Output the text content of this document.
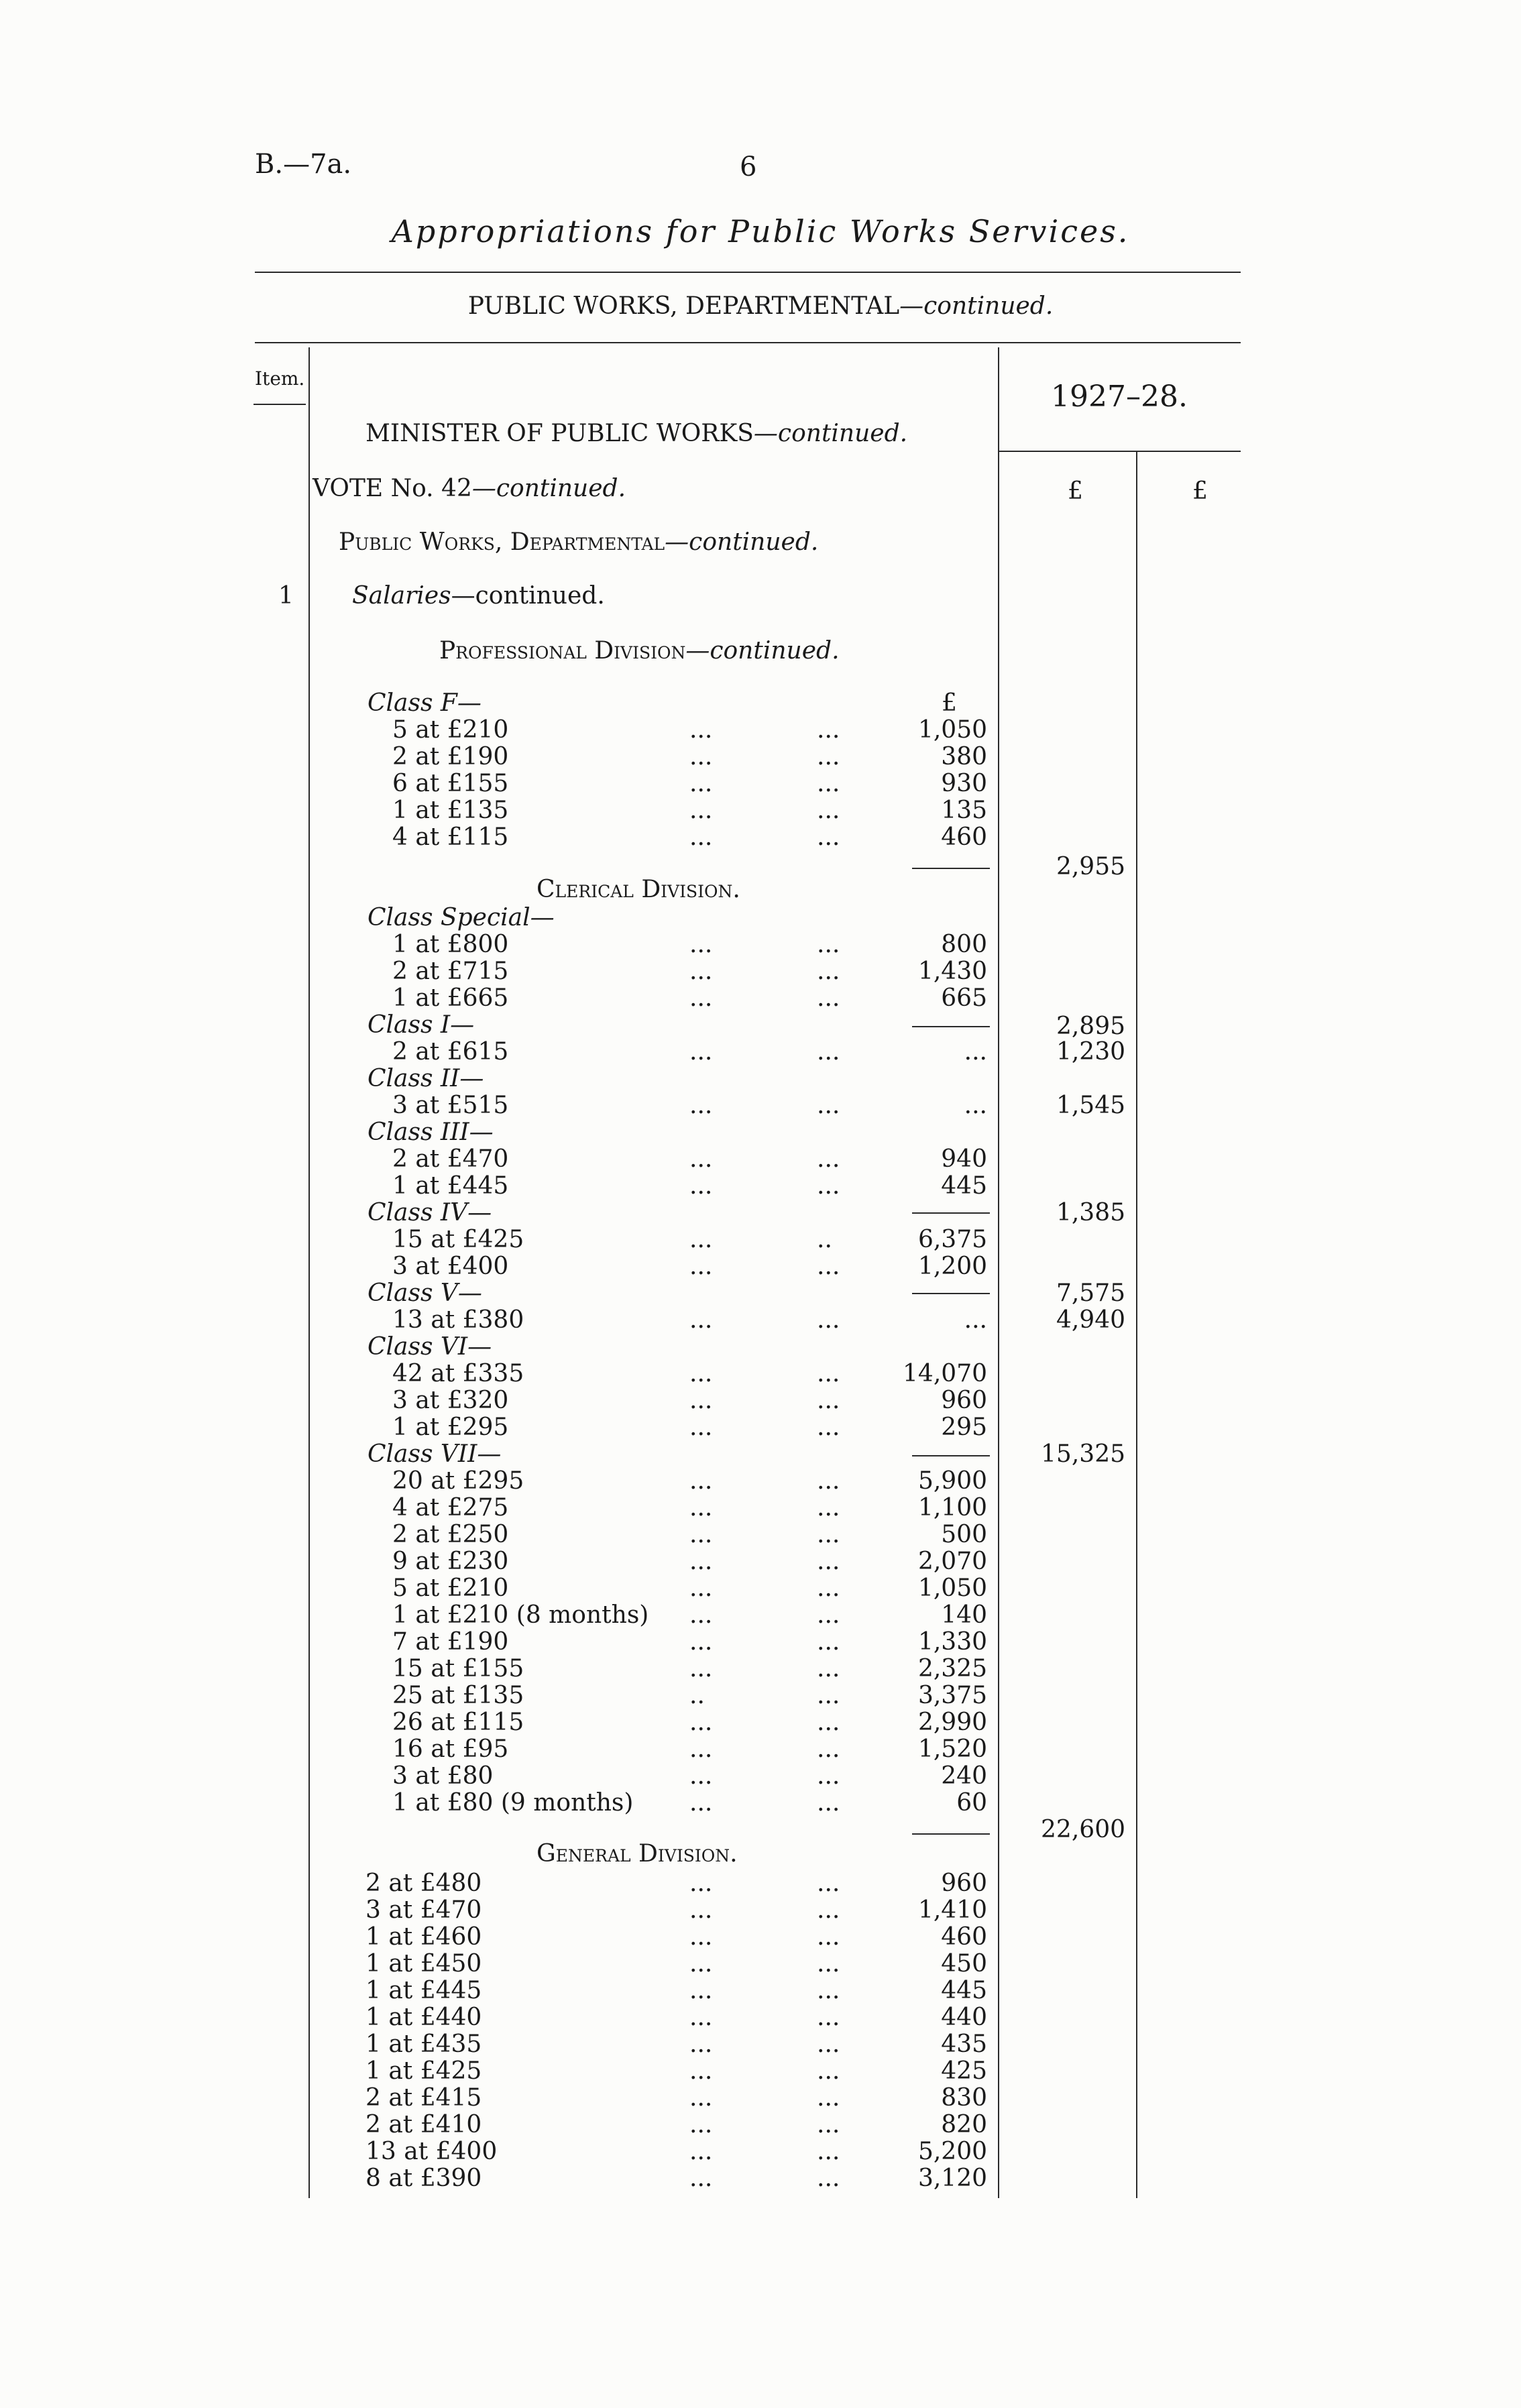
B.—7a.	6
Appropriations for Public Works Services.
PUBLIC WORKS, DEPARTMENTAL—continued.
Item.
1927–28.
£	£
MINISTER OF PUBLIC WORKS—continued.
VOTE No. 42—continued.
Public Works, Departmental—continued.
1 Salaries—continued.
Professional Division—continued.
Class F—	£
5 at £210	...	...	1,050
2 at £190	...	...	380
6 at £155	...	...	930
1 at £135	...	...	135
4 at £115	...	...	460
2,955
Clerical Division.
Class Special—
1 at £800	...	...	800
2 at £715	...	...	1,430
1 at £665	...	...	665
2,895
Class I—
2 at £615	...	...	...	1,230
Class II—
3 at £515	...	...	...	1,545
Class III—
2 at £470	...	...	940
1 at £445	...	...	445
1,385
Class IV—
15 at £425	...	..	6,375
3 at £400	...	...	1,200
7,575
Class V—
13 at £380	...	...	...	4,940
Class VI—
42 at £335	...	...	14,070
3 at £320	...	...	960
1 at £295	...	...	295
15,325
Class VII—
20 at £295	...	...	5,900
4 at £275	...	...	1,100
2 at £250	...	...	500
9 at £230	...	...	2,070
5 at £210	...	...	1,050
1 at £210 (8 months) ...	...	140
7 at £190	...	...	1,330
15 at £155	...	...	2,325
25 at £135	..	...	3,375
26 at £115	...	...	2,990
16 at £95	...	...	1,520
3 at £80	...	...	240
1 at £80 (9 months) ...	...	60
22,600
General Division.
2 at £480	...	...	960
3 at £470	...	...	1,410
1 at £460	...	...	460
1 at £450	...	...	450
1 at £445	...	...	445
1 at £440	...	...	440
1 at £435	...	...	435
1 at £425	...	...	425
2 at £415	...	...	830
2 at £410	...	...	820
13 at £400	...	...	5,200
8 at £390	...	...	3,120
